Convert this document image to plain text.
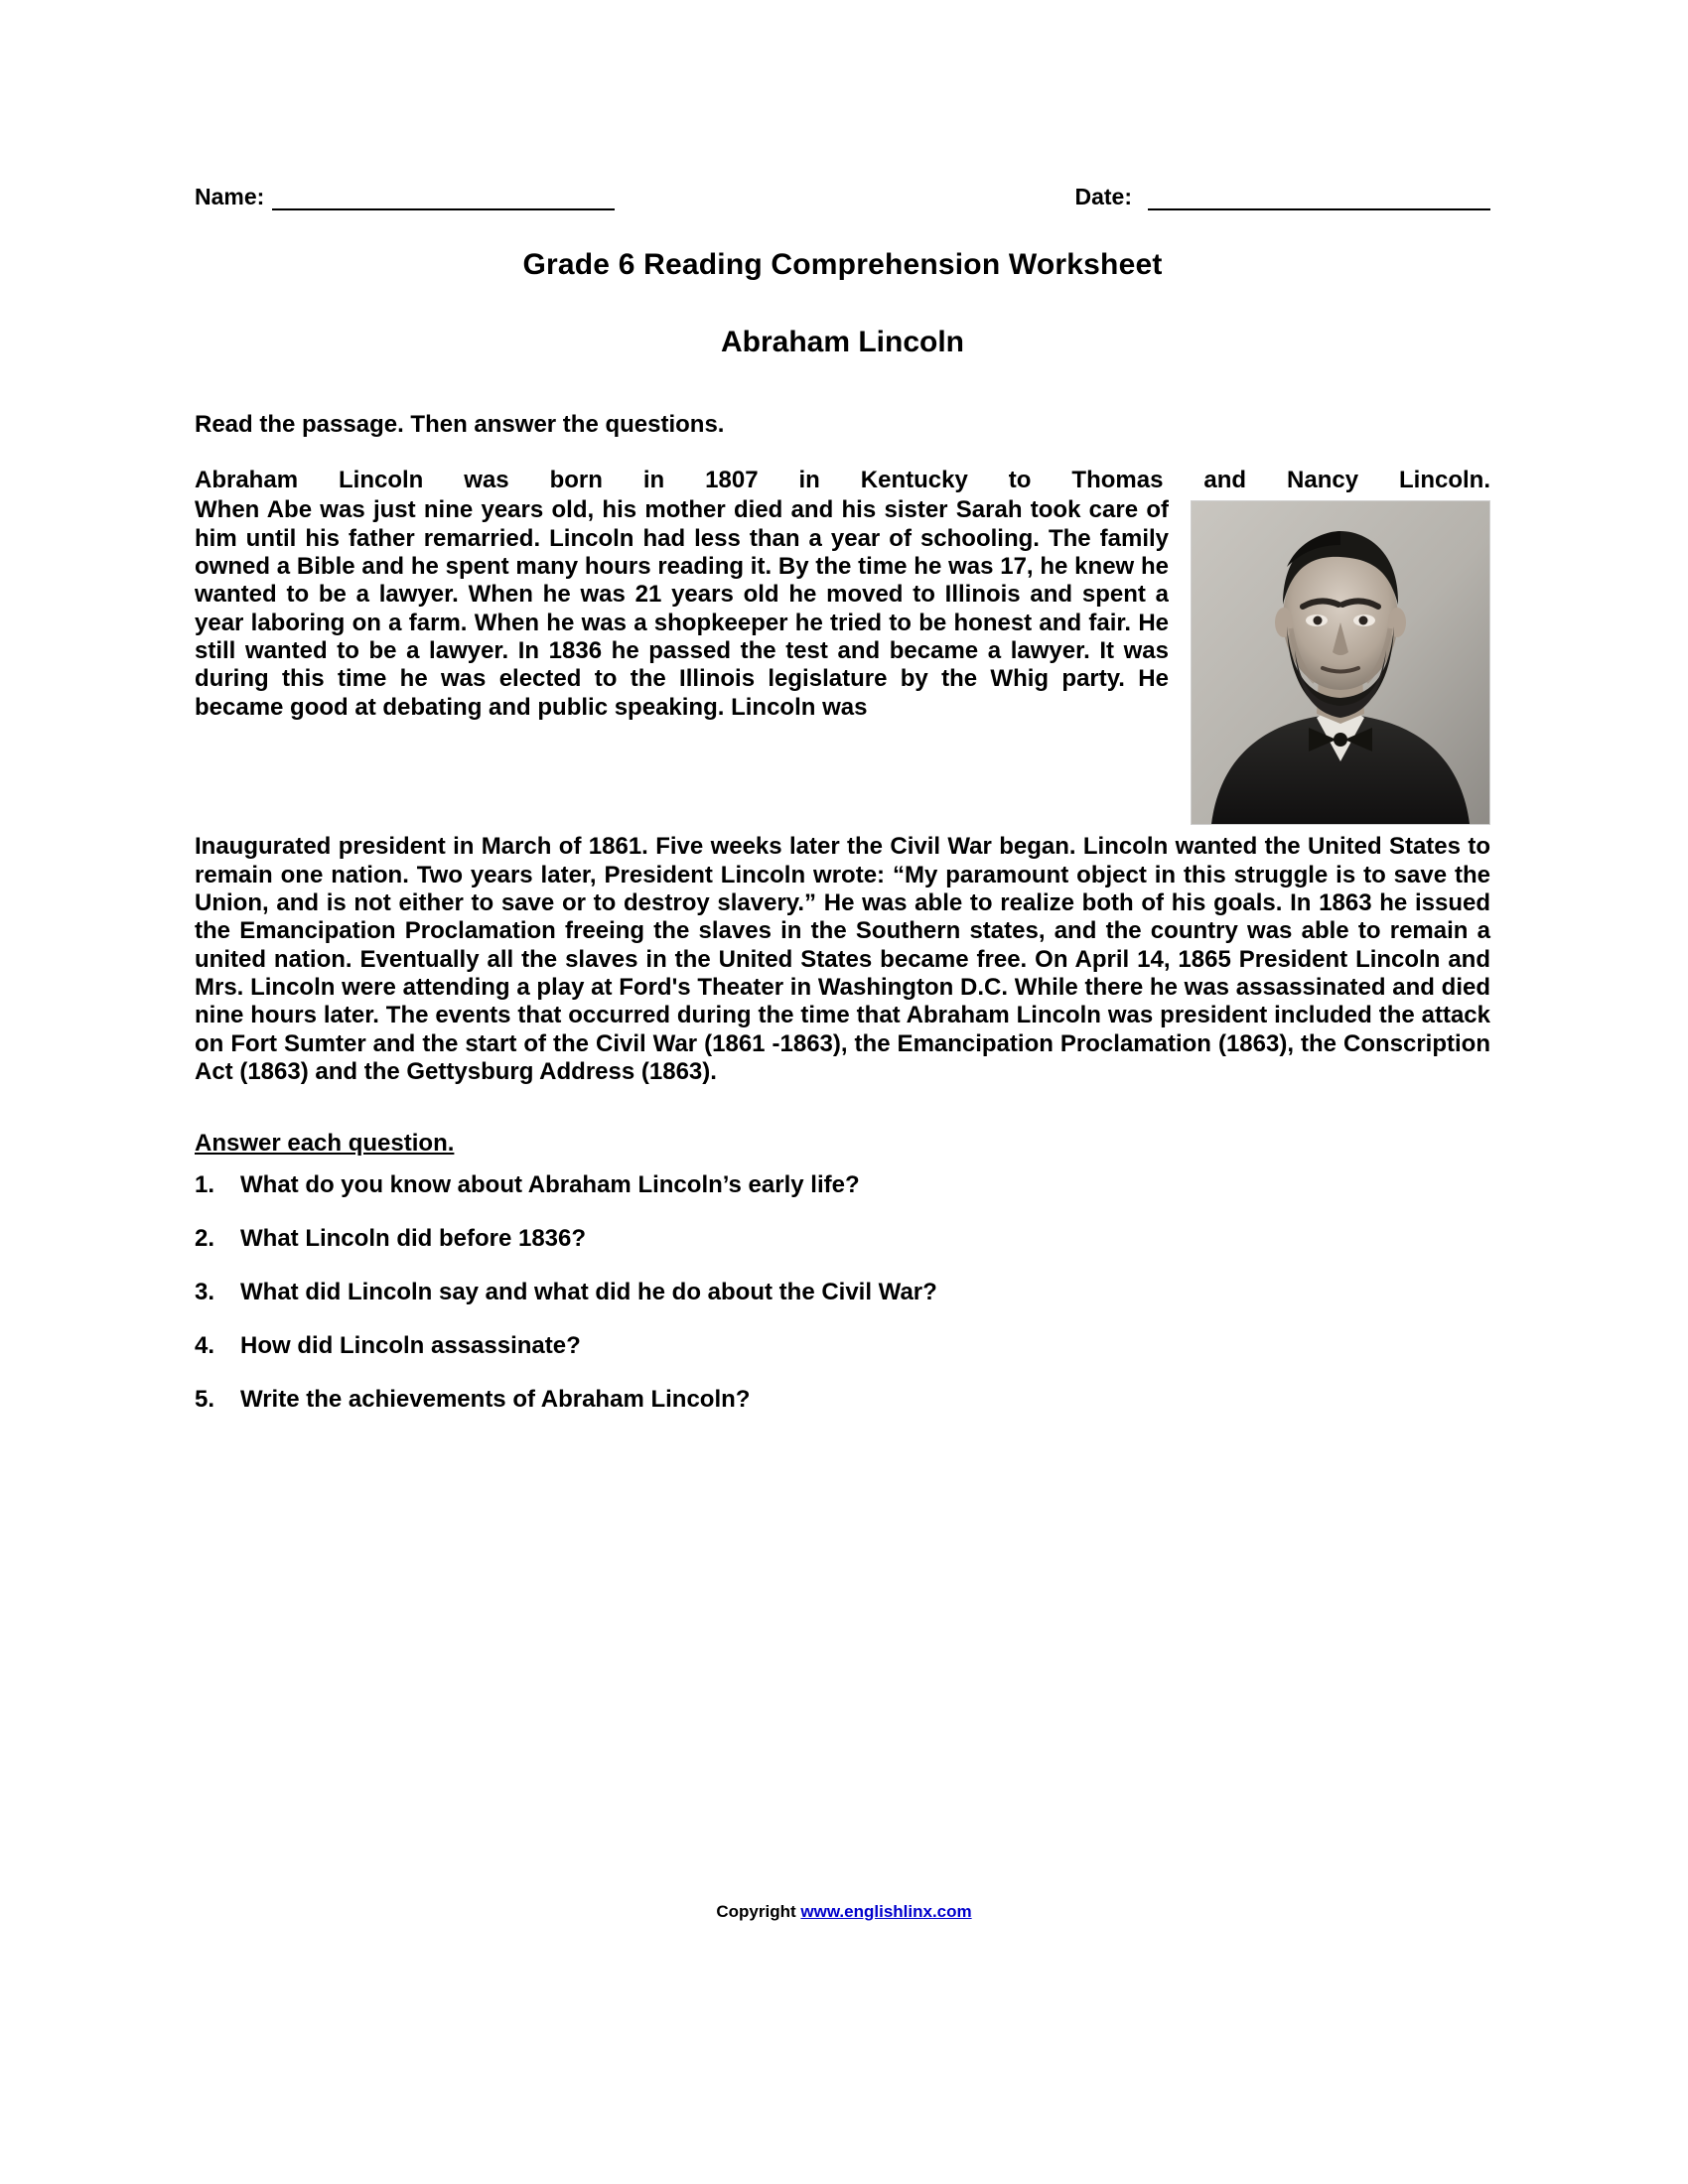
Name:	Date:
Grade 6 Reading Comprehension Worksheet
Abraham Lincoln
Read the passage. Then answer the questions.

Abraham Lincoln was born in 1807 in Kentucky to Thomas and Nancy Lincoln.

When Abe was just nine years old, his mother died and his sister Sarah took care of him until his father remarried. Lincoln had less than a year of schooling. The family owned a Bible and he spent many hours reading it. By the time he was 17, he knew he wanted to be a lawyer. When he was 21 years old he moved to Illinois and spent a year laboring on a farm. When he was a shopkeeper he tried to be honest and fair. He still wanted to be a lawyer. In 1836 he passed the test and became a lawyer. It was during this time he was elected to the Illinois legislature by the Whig party. He became good at debating and public speaking. Lincoln was

Inaugurated president in March of 1861. Five weeks later the Civil War began. Lincoln wanted the United States to remain one nation. Two years later, President Lincoln wrote: “My paramount object in this struggle is to save the Union, and is not either to save or to destroy slavery.” He was able to realize both of his goals. In 1863 he issued the Emancipation Proclamation freeing the slaves in the Southern states, and the country was able to remain a united nation. Eventually all the slaves in the United States became free. On April 14, 1865 President Lincoln and Mrs. Lincoln were attending a play at Ford's Theater in Washington D.C. While there he was assassinated and died nine hours later. The events that occurred during the time that Abraham Lincoln was president included the attack on Fort Sumter and the start of the Civil War (1861 -1863), the Emancipation Proclamation (1863), the Conscription Act (1863) and the Gettysburg Address (1863).

Answer each question.
1.	What do you know about Abraham Lincoln’s early life?
2.	What Lincoln did before 1836?
3.	What did Lincoln say and what did he do about the Civil War?
4.	How did Lincoln assassinate?
5.	Write the achievements of Abraham Lincoln?
Copyright www.englishlinx.com
